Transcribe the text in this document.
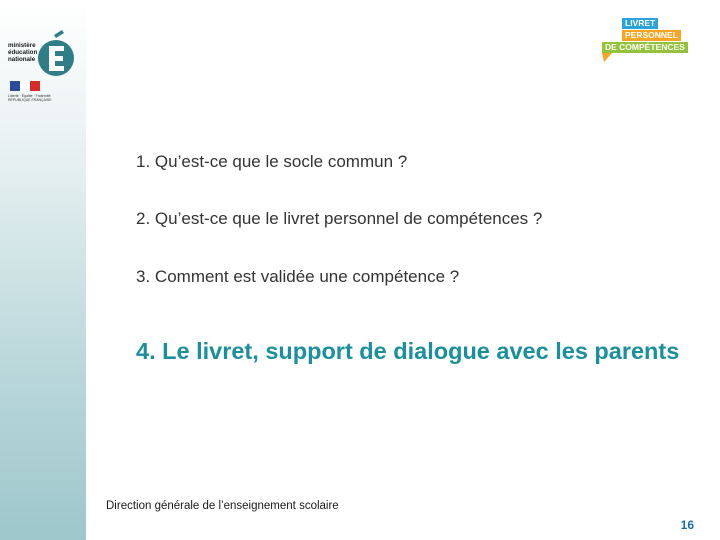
ministère
éducation
nationale
Liberté · Égalité · Fraternité
RÉPUBLIQUE FRANÇAISE
LIVRET
PERSONNEL
DE COMPÉTENCES
1. Qu’est-ce que le socle commun ?
2. Qu’est-ce que le livret personnel de compétences ?
3. Comment est validée une compétence ?
4. Le livret, support de dialogue avec les parents
Direction générale de l’enseignement scolaire
16
